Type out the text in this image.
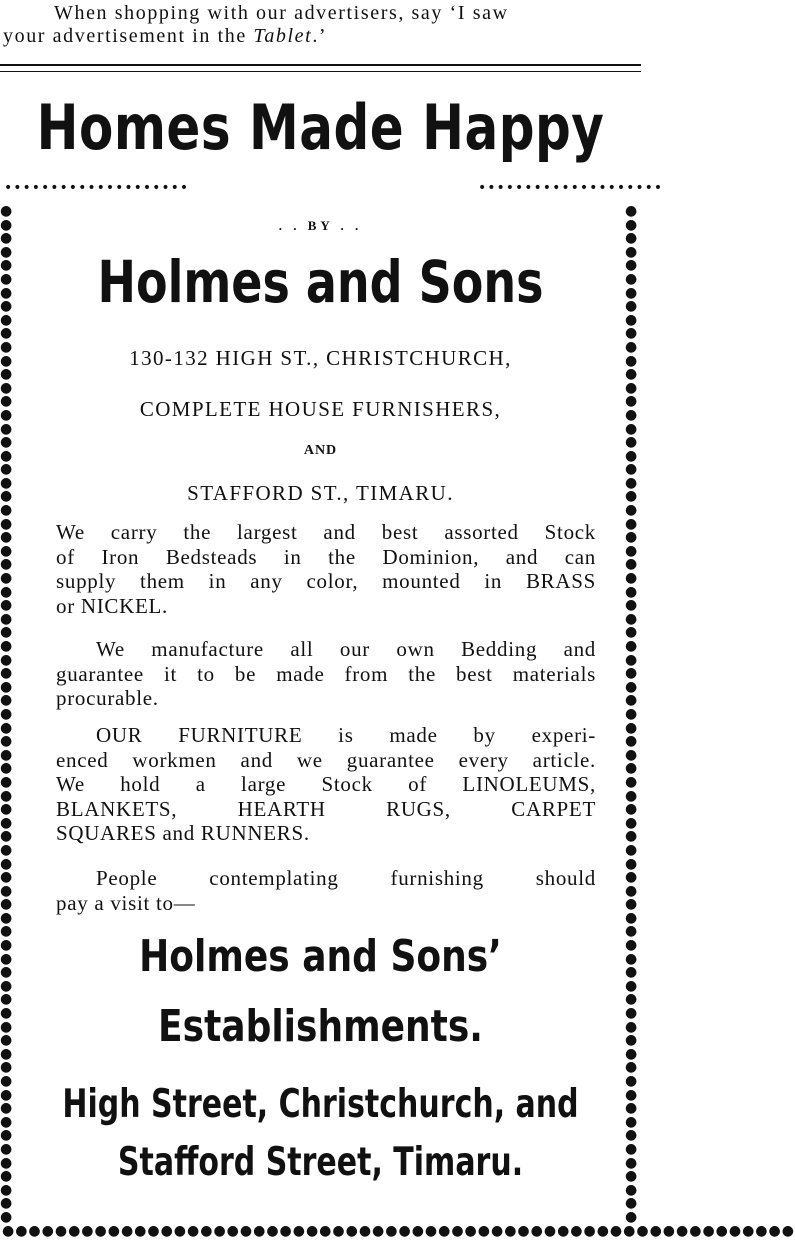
When shopping with our advertisers, say ‘I saw
your advertisement in the Tablet.’
Homes Made Happy
••••••••••••••••••••	••••••••••••••••••••
●●●●●●●●●●●●●●●●●●●●●●●●●●●●●●●●●●●●●●●●●●●●●●●●●●●●●●●●●●●●●●●●●●●●●●●●●●●
●●●●●●●●●●●●●●●●●●●●●●●●●●●●●●●●●●●●●●●●●●●●●●●●●●●●●●●●●●●●●●●●●●●●●●●●●●●
●●●●●●●●●●●●●●●●●●●●●●●●●●●●●●●●●●●●●●●●●●●●●●●●●●●●●●●●●●●●
. . BY . .
Holmes and Sons
130-132 HIGH ST., CHRISTCHURCH,
COMPLETE HOUSE FURNISHERS,
AND
STAFFORD ST., TIMARU.
We carry the largest and best assorted Stock
of Iron Bedsteads in the Dominion, and can
supply them in any color, mounted in BRASS
or NICKEL.
We manufacture all our own Bedding and
guarantee it to be made from the best materials
procurable.
OUR FURNITURE is made by experi-
enced workmen and we guarantee every article.
We hold a large Stock of LINOLEUMS,
BLANKETS, HEARTH RUGS, CARPET
SQUARES and RUNNERS.
People contemplating furnishing should
pay a visit to—
Holmes and Sons’
Establishments.
High Street, Christchurch, and
Stafford Street, Timaru.
